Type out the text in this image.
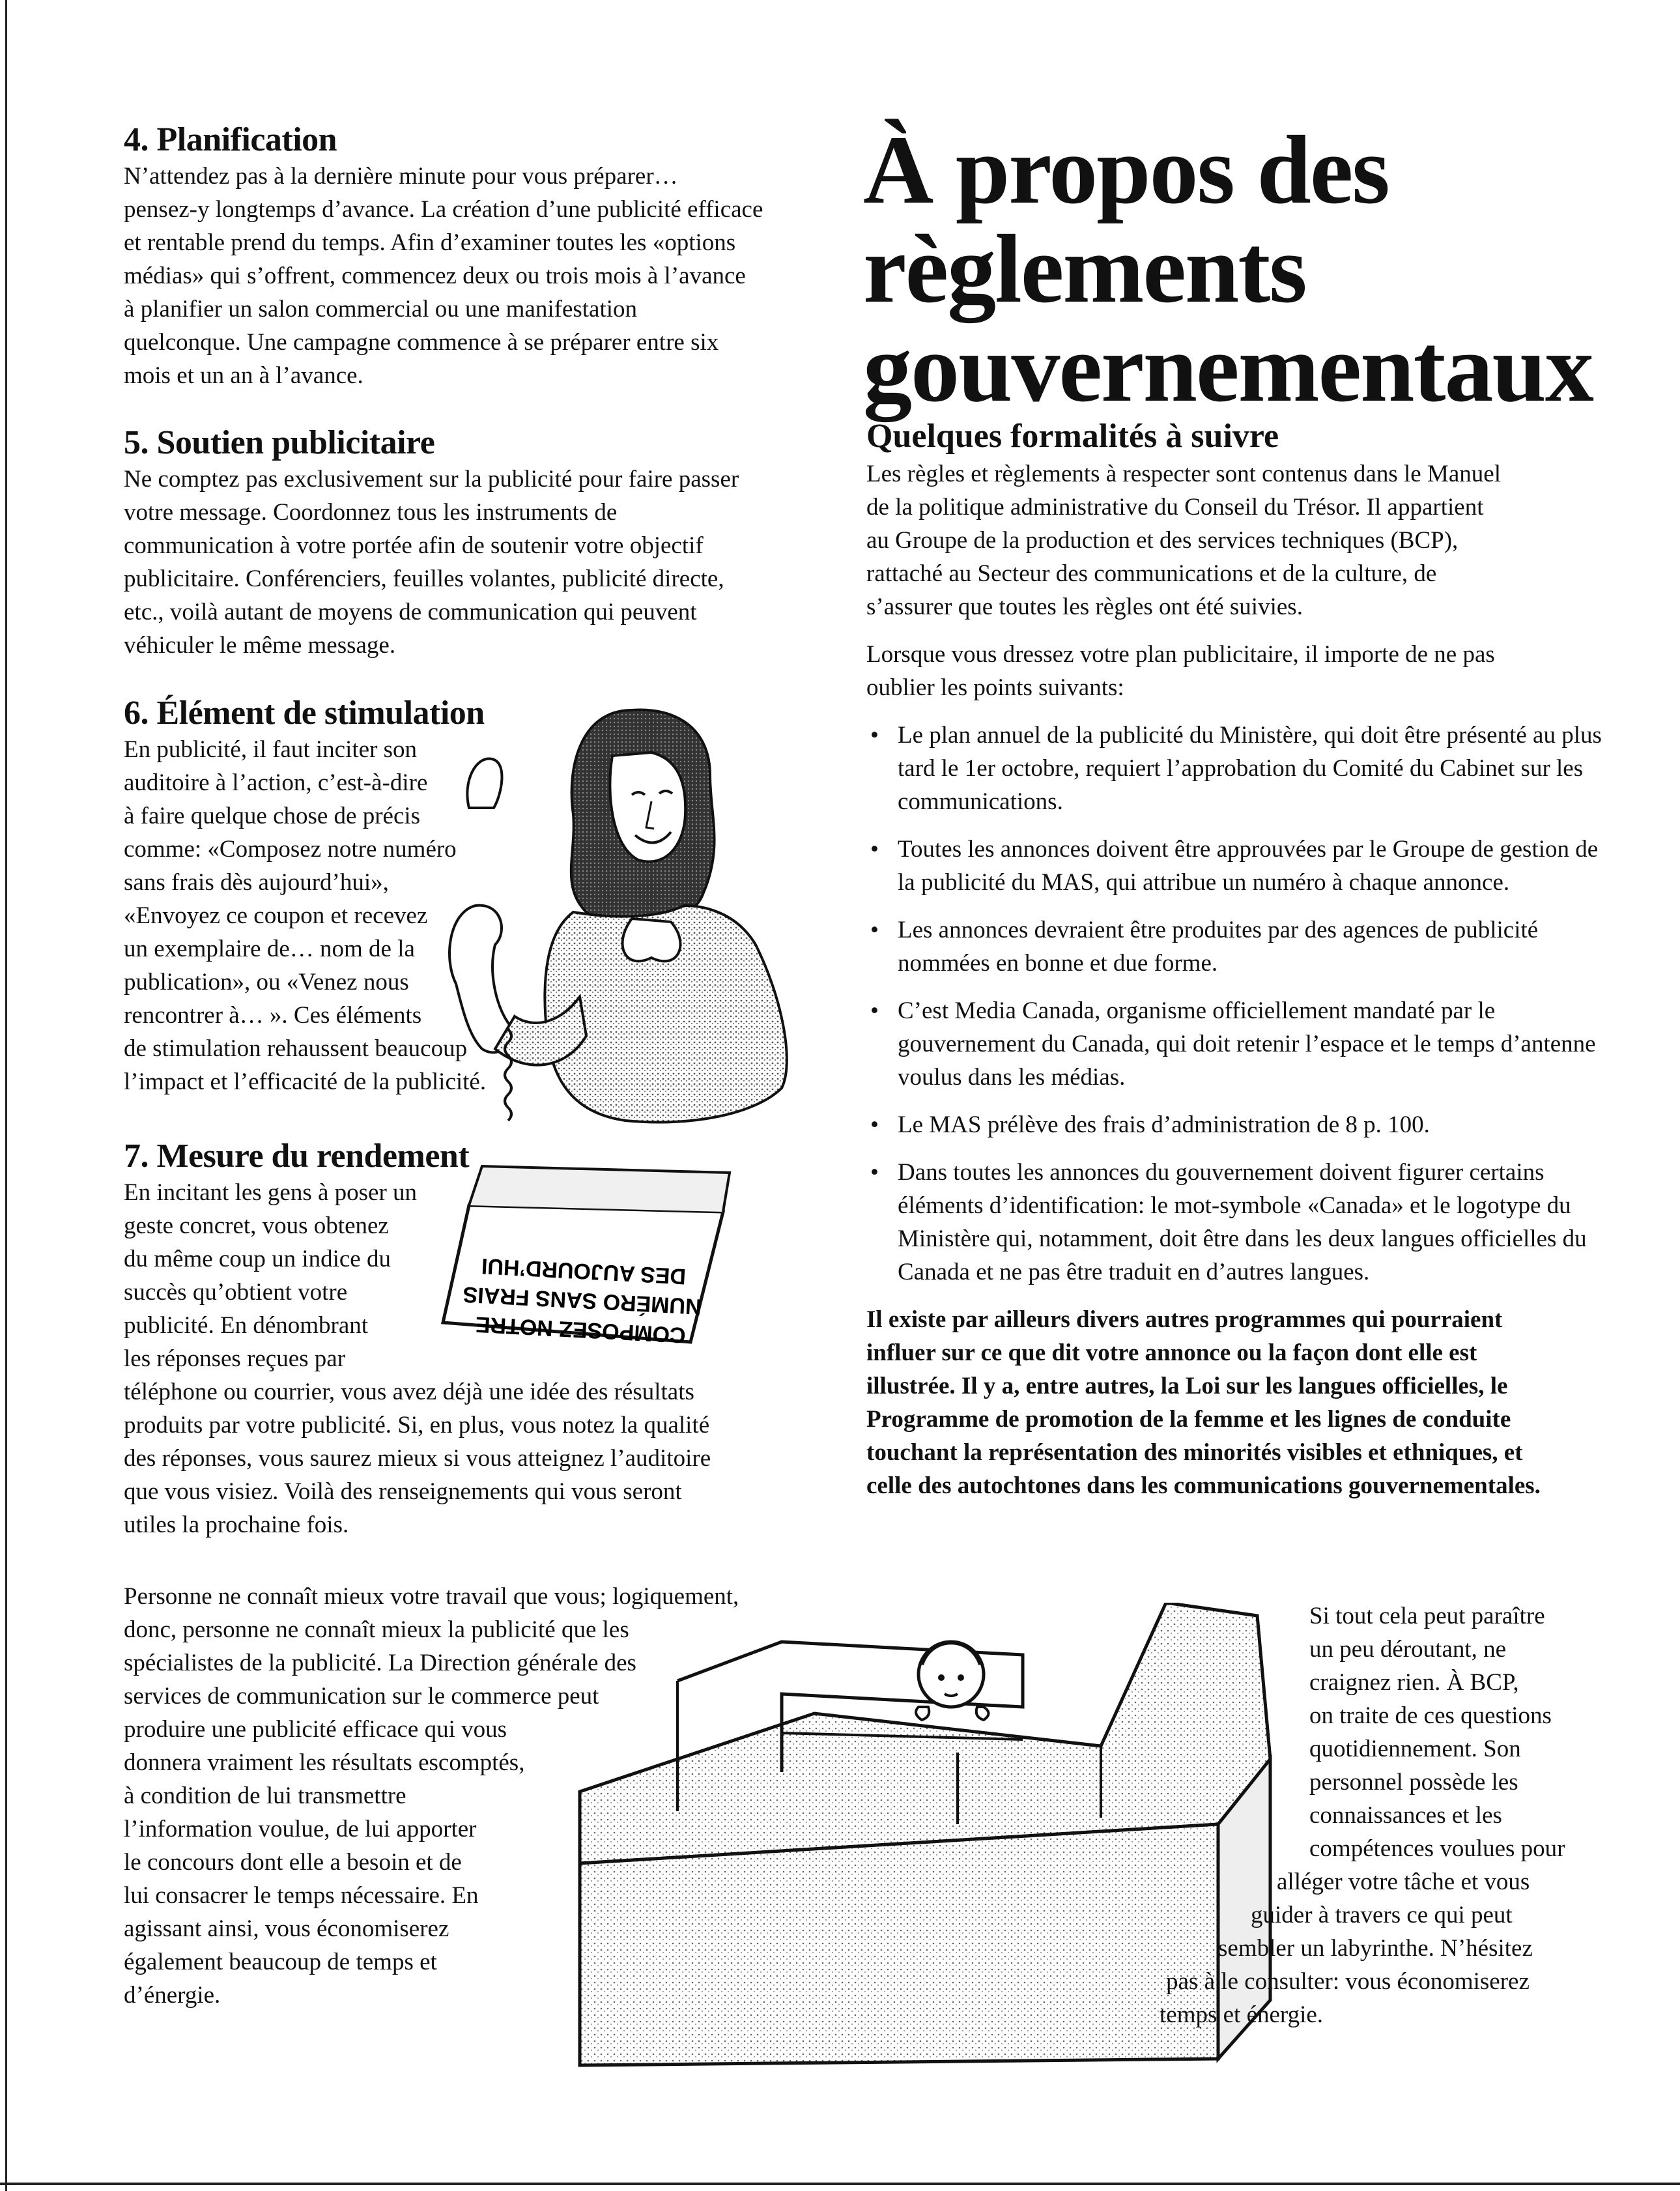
4. Planification

N’attendez pas à la dernière minute pour vous préparer…

pensez-y longtemps d’avance. La création d’une publicité efficace

et rentable prend du temps. Afin d’examiner toutes les «options

médias» qui s’offrent, commencez deux ou trois mois à l’avance

à planifier un salon commercial ou une manifestation

quelconque. Une campagne commence à se préparer entre six

mois et un an à l’avance.

5. Soutien publicitaire

Ne comptez pas exclusivement sur la publicité pour faire passer

votre message. Coordonnez tous les instruments de

communication à votre portée afin de soutenir votre objectif

publicitaire. Conférenciers, feuilles volantes, publicité directe,

etc., voilà autant de moyens de communication qui peuvent

véhiculer le même message.

6. Élément de stimulation

En publicité, il faut inciter son

auditoire à l’action, c’est-à-dire

à faire quelque chose de précis

comme: «Composez notre numéro

sans frais dès aujourd’hui»,

«Envoyez ce coupon et recevez

un exemplaire de… nom de la

publication», ou «Venez nous

rencontrer à… ». Ces éléments

de stimulation rehaussent beaucoup

l’impact et l’efficacité de la publicité.

7. Mesure du rendement

En incitant les gens à poser un

geste concret, vous obtenez

du même coup un indice du

succès qu’obtient votre

publicité. En dénombrant

les réponses reçues par

téléphone ou courrier, vous avez déjà une idée des résultats

produits par votre publicité. Si, en plus, vous notez la qualité

des réponses, vous saurez mieux si vous atteignez l’auditoire

que vous visiez. Voilà des renseignements qui vous seront

utiles la prochaine fois.

Personne ne connaît mieux votre travail que vous; logiquement,

donc, personne ne connaît mieux la publicité que les

spécialistes de la publicité. La Direction générale des

services de communication sur le commerce peut

produire une publicité efficace qui vous

donnera vraiment les résultats escomptés,

à condition de lui transmettre

l’information voulue, de lui apporter

le concours dont elle a besoin et de

lui consacrer le temps nécessaire. En

agissant ainsi, vous économiserez

également beaucoup de temps et

d’énergie.

COMPOSEZ NOTRE
NUMÉRO SANS FRAIS
DES AUJOURD’HUI
À propos des
règlements
gouvernementaux
Quelques formalités à suivre

Les règles et règlements à respecter sont contenus dans le Manuel

de la politique administrative du Conseil du Trésor. Il appartient

au Groupe de la production et des services techniques (BCP),

rattaché au Secteur des communications et de la culture, de

s’assurer que toutes les règles ont été suivies.

Lorsque vous dressez votre plan publicitaire, il importe de ne pas

oublier les points suivants:

• Le plan annuel de la publicité du Ministère, qui doit être présenté au plus tard le 1er octobre, requiert l’approbation du Comité du Cabinet sur les communications.
• Toutes les annonces doivent être approuvées par le Groupe de gestion de la publicité du MAS, qui attribue un numéro à chaque annonce.
• Les annonces devraient être produites par des agences de publicité nommées en bonne et due forme.
• C’est Media Canada, organisme officiellement mandaté par le gouvernement du Canada, qui doit retenir l’espace et le temps d’antenne voulus dans les médias.
• Le MAS prélève des frais d’administration de 8 p. 100.
• Dans toutes les annonces du gouvernement doivent figurer certains éléments d’identification: le mot-symbole «Canada» et le logotype du Ministère qui, notamment, doit être dans les deux langues officielles du Canada et ne pas être traduit en d’autres langues.

Il existe par ailleurs divers autres programmes qui pourraient

influer sur ce que dit votre annonce ou la façon dont elle est

illustrée. Il y a, entre autres, la Loi sur les langues officielles, le

Programme de promotion de la femme et les lignes de conduite

touchant la représentation des minorités visibles et ethniques, et

celle des autochtones dans les communications gouvernementales.

Si tout cela peut paraître

un peu déroutant, ne

craignez rien. À BCP,

on traite de ces questions

quotidiennement. Son

personnel possède les

connaissances et les

compétences voulues pour

alléger votre tâche et vous

guider à travers ce qui peut

sembler un labyrinthe. N’hésitez

pas à le consulter: vous économiserez

temps et énergie.
